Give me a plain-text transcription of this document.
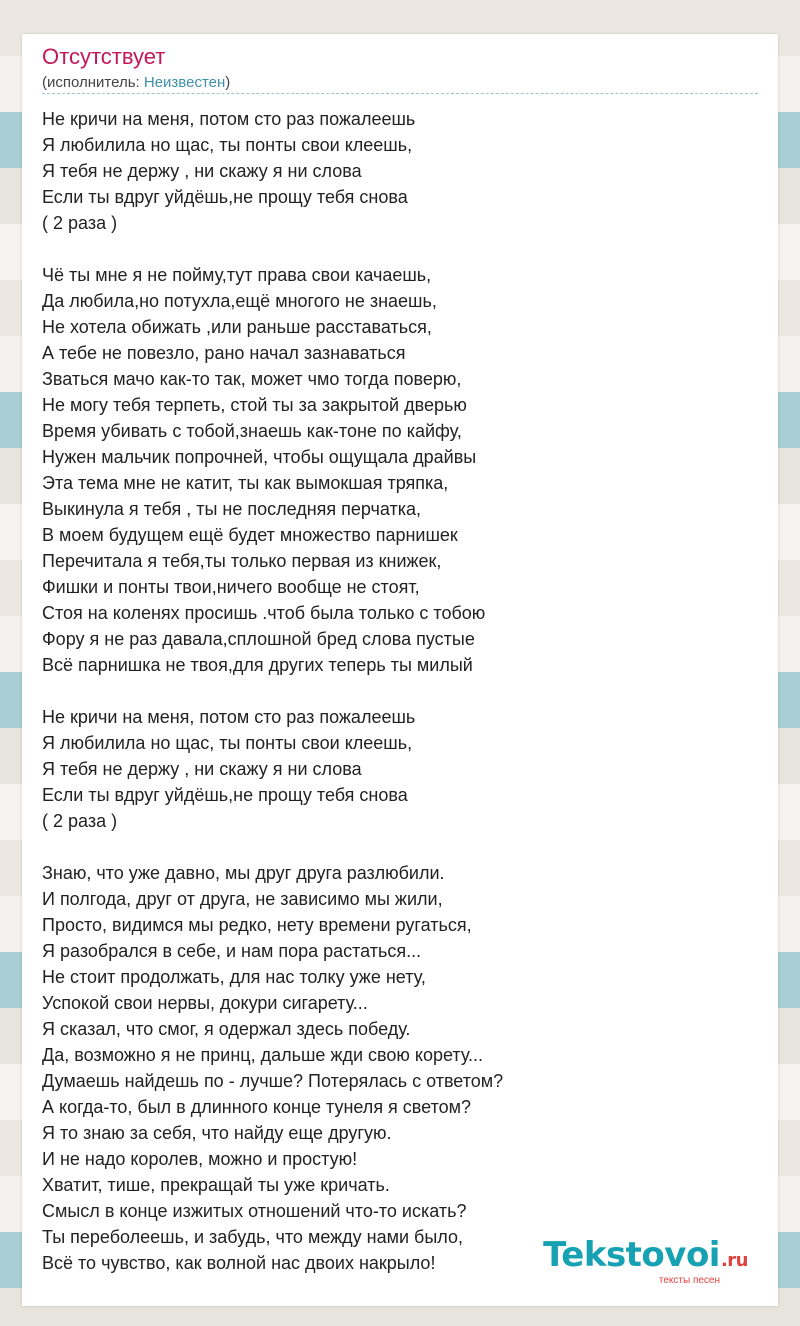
Отсутствует
(исполнитель: Неизвестен)
Не кричи на меня, потом сто раз пожалеешь
Я любилила но щас, ты понты свои клеешь,
Я тебя не держу , ни скажу я ни слова
Если ты вдруг уйдёшь,не прощу тебя снова
( 2 раза )
Чё ты мне я не пойму,тут права свои качаешь,
Да любила,но потухла,ещё многого не знаешь,
Не хотела обижать ,или раньше расставаться,
А тебе не повезло, рано начал зазнаваться
Зваться мачо как-то так, может чмо тогда поверю,
Не могу тебя терпеть, стой ты за закрытой дверью
Время убивать с тобой,знаешь как-тоне по кайфу,
Нужен мальчик попрочней, чтобы ощущала драйвы
Эта тема мне не катит, ты как вымокшая тряпка,
Выкинула я тебя , ты не последняя перчатка,
В моем будущем ещё будет множество парнишек
Перечитала я тебя,ты только первая из книжек,
Фишки и понты твои,ничего вообще не стоят,
Стоя на коленях просишь .чтоб была только с тобою
Фору я не раз давала,сплошной бред слова пустые
Всё парнишка не твоя,для других теперь ты милый
Не кричи на меня, потом сто раз пожалеешь
Я любилила но щас, ты понты свои клеешь,
Я тебя не держу , ни скажу я ни слова
Если ты вдруг уйдёшь,не прощу тебя снова
( 2 раза )
Знаю, что уже давно, мы друг друга разлюбили.
И полгода, друг от друга, не зависимо мы жили,
Просто, видимся мы редко, нету времени ругаться,
Я разобрался в себе, и нам пора растаться...
Не стоит продолжать, для нас толку уже нету,
Успокой свои нервы, докури сигарету...
Я сказал, что смог, я одержал здесь победу.
Да, возможно я не принц, дальше жди свою корету...
Думаешь найдешь по - лучше? Потерялась с ответом?
А когда-то, был в длинного конце тунеля я светом?
Я то знаю за себя, что найду еще другую.
И не надо королев, можно и простую!
Хватит, тише, прекращай ты уже кричать.
Смысл в конце изжитых отношений что-то искать?
Ты переболеешь, и забудь, что между нами было,
Всё то чувство, как волной нас двоих накрыло!	Tekstovoi.ru
тексты песен
